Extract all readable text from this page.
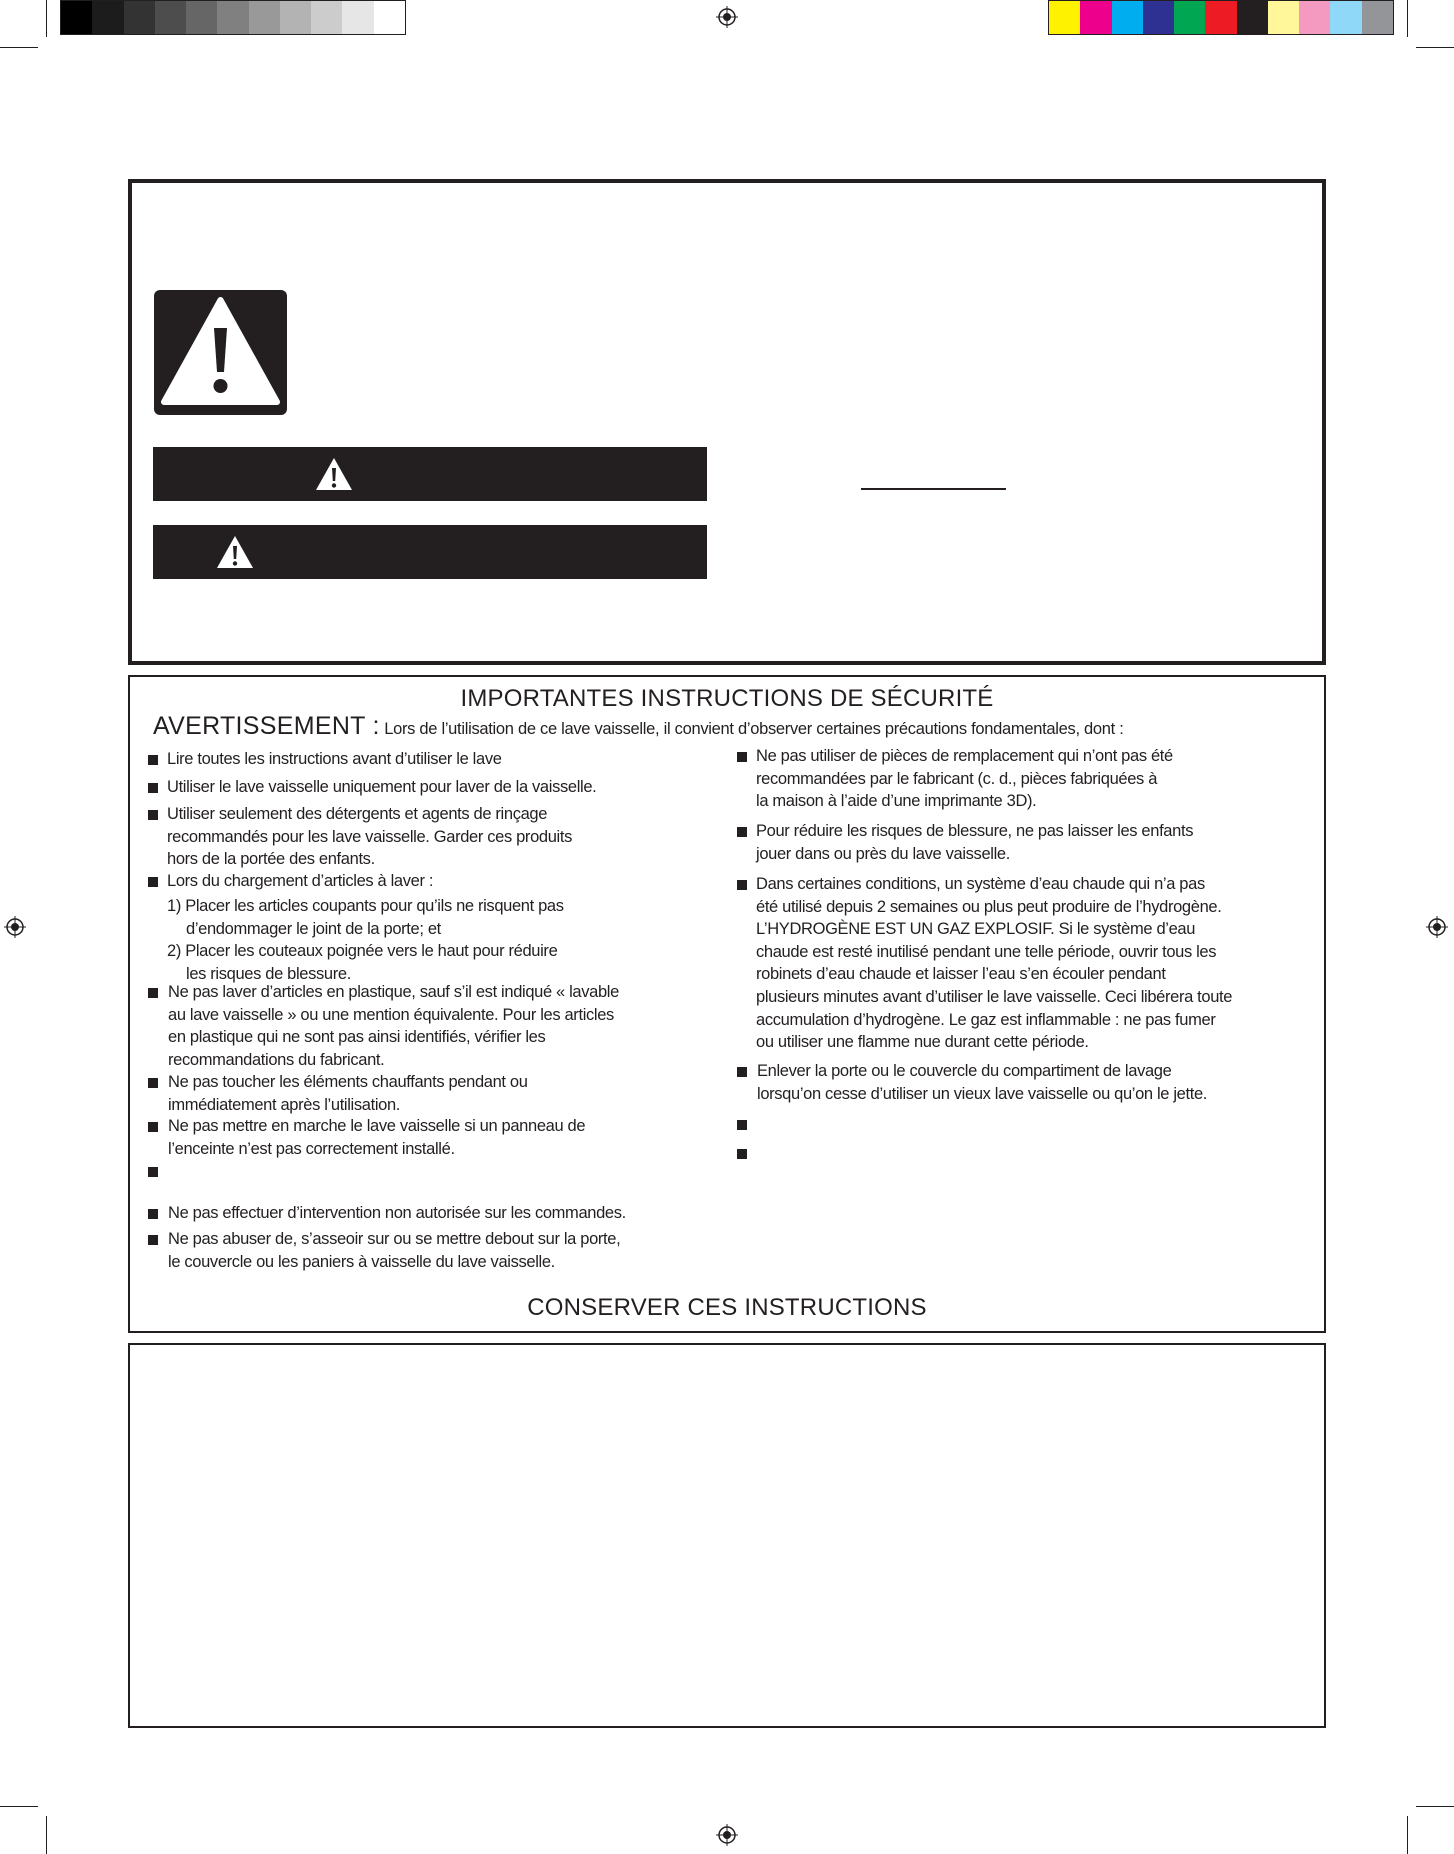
IMPORTANTES INSTRUCTIONS DE SÉCURITÉ
AVERTISSEMENT : Lors de l’utilisation de ce lave vaisselle, il convient d’observer certaines précautions fondamentales, dont :
Lire toutes les instructions avant d’utiliser le lave
Utiliser le lave vaisselle uniquement pour laver de la vaisselle.
Utiliser seulement des détergents et agents de rinçage
recommandés pour les lave vaisselle. Garder ces produits
hors de la portée des enfants.
Lors du chargement d’articles à laver :
1) Placer les articles coupants pour qu’ils ne risquent pas
d’endommager le joint de la porte; et
2) Placer les couteaux poignée vers le haut pour réduire
les risques de blessure.
Ne pas laver d’articles en plastique, sauf s’il est indiqué « lavable
au lave vaisselle » ou une mention équivalente. Pour les articles
en plastique qui ne sont pas ainsi identifiés, vérifier les
recommandations du fabricant.
Ne pas toucher les éléments chauffants pendant ou
immédiatement après l’utilisation.
Ne pas mettre en marche le lave vaisselle si un panneau de
l’enceinte n’est pas correctement installé.
Ne pas effectuer d’intervention non autorisée sur les commandes.
Ne pas abuser de, s’asseoir sur ou se mettre debout sur la porte,
le couvercle ou les paniers à vaisselle du lave vaisselle.
Ne pas utiliser de pièces de remplacement qui n’ont pas été
recommandées par le fabricant (c. d., pièces fabriquées à
la maison à l’aide d’une imprimante 3D).
Pour réduire les risques de blessure, ne pas laisser les enfants
jouer dans ou près du lave vaisselle.
Dans certaines conditions, un système d’eau chaude qui n’a pas
été utilisé depuis 2 semaines ou plus peut produire de l’hydrogène.
L’HYDROGÈNE EST UN GAZ EXPLOSIF. Si le système d’eau
chaude est resté inutilisé pendant une telle période, ouvrir tous les
robinets d’eau chaude et laisser l’eau s’en écouler pendant
plusieurs minutes avant d’utiliser le lave vaisselle. Ceci libérera toute
accumulation d’hydrogène. Le gaz est inflammable : ne pas fumer
ou utiliser une flamme nue durant cette période.
Enlever la porte ou le couvercle du compartiment de lavage
lorsqu’on cesse d’utiliser un vieux lave vaisselle ou qu’on le jette.
CONSERVER CES INSTRUCTIONS
